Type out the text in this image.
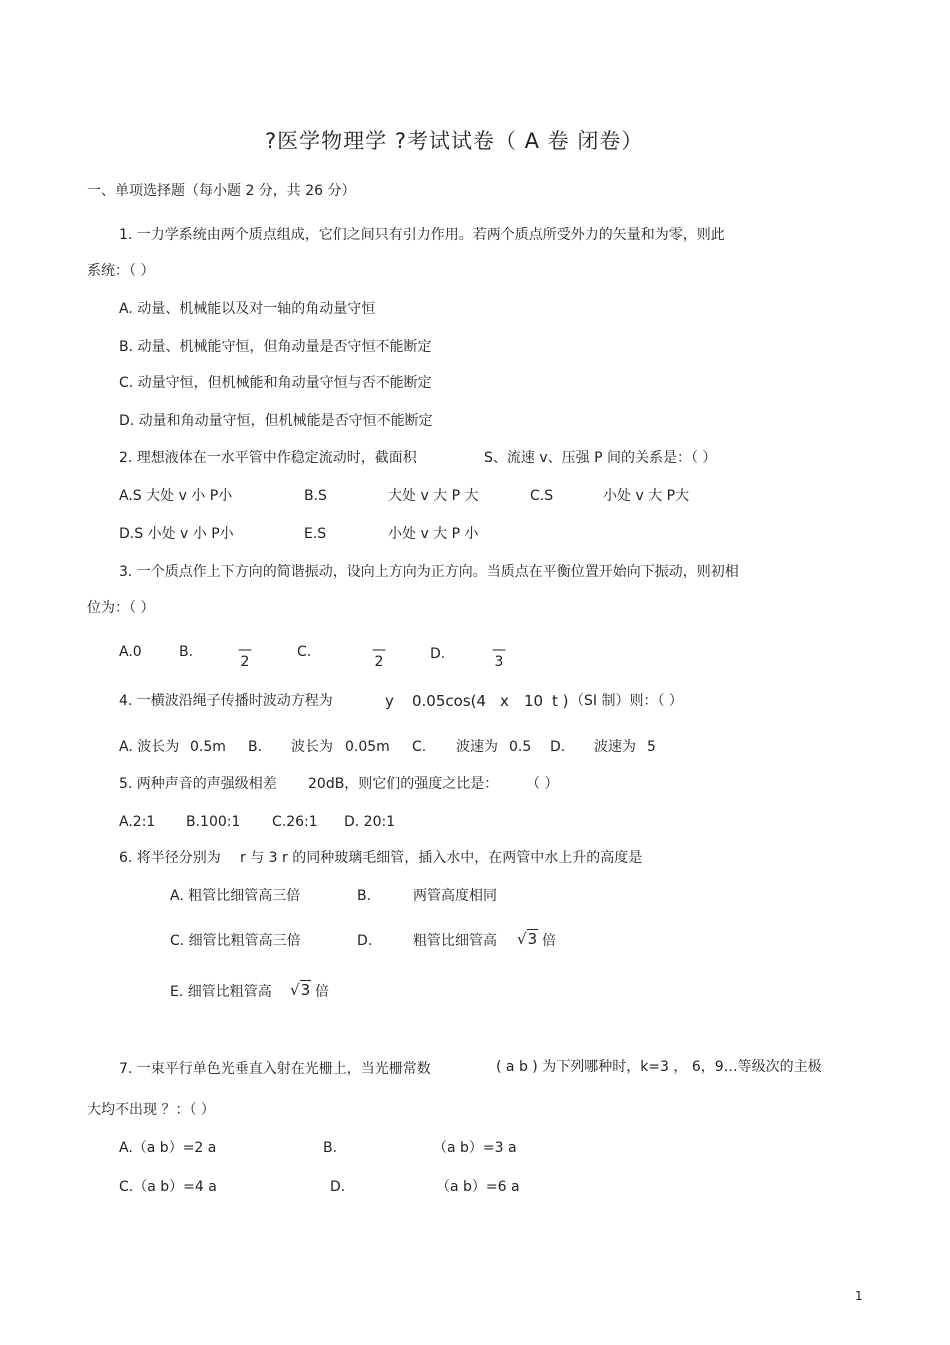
?医学物理学 ?考试试卷（ A 卷 闭卷）
一、单项选择题（每小题 2 分，共 26 分）
1. 一力学系统由两个质点组成，它们之间只有引力作用。若两个质点所受外力的矢量和为零，则此
系统：（ ）
A. 动量、机械能以及对一轴的角动量守恒
B. 动量、机械能守恒，但角动量是否守恒不能断定
C. 动量守恒，但机械能和角动量守恒与否不能断定
D. 动量和角动量守恒，但机械能是否守恒不能断定
2. 理想液体在一水平管中作稳定流动时，截面积	S、流速 v、压强 P 间的关系是：（ ）
A.S 大处 v 小 P小	B.S	大处 v 大 P 大	C.S	小处 v 大 P大
D.S 小处 v 小 P小	E.S	小处 v 大 P 小
3. 一个质点作上下方向的简谐振动，设向上方向为正方向。当质点在平衡位置开始向下振动，则初相
位为：（ ）
A.0	B.	—
2
C.	—
2	D.	—
3
4. 一横波沿绳子传播时波动方程为	y 0.05cos(4 x 10 t ) （SI 制）则：（ ）
A. 波长为 0.5m B. 波长为 0.05m C. 波速为 0.5 D. 波速为 5
5. 两种声音的声强级相差 20dB，则它们的强度之比是： （ ）
A.2:1 B.100:1 C.26:1 D. 20:1
6. 将半径分别为 r 与 3 r 的同种玻璃毛细管，插入水中，在两管中水上升的高度是
A. 粗管比细管高三倍	B.	两管高度相同
C. 细管比粗管高三倍	D.	粗管比细管高 √3 倍
E. 细管比粗管高 √3 倍
7. 一束平行单色光垂直入射在光栅上，当光栅常数	( a b ) 为下列哪种时，k=3 ， 6，9…等级次的主极
大均不出现 ？：（ ）
A.（a b）=2 a	B.	（a b）=3 a
C.（a b）=4 a	D.	（a b）=6 a
1
